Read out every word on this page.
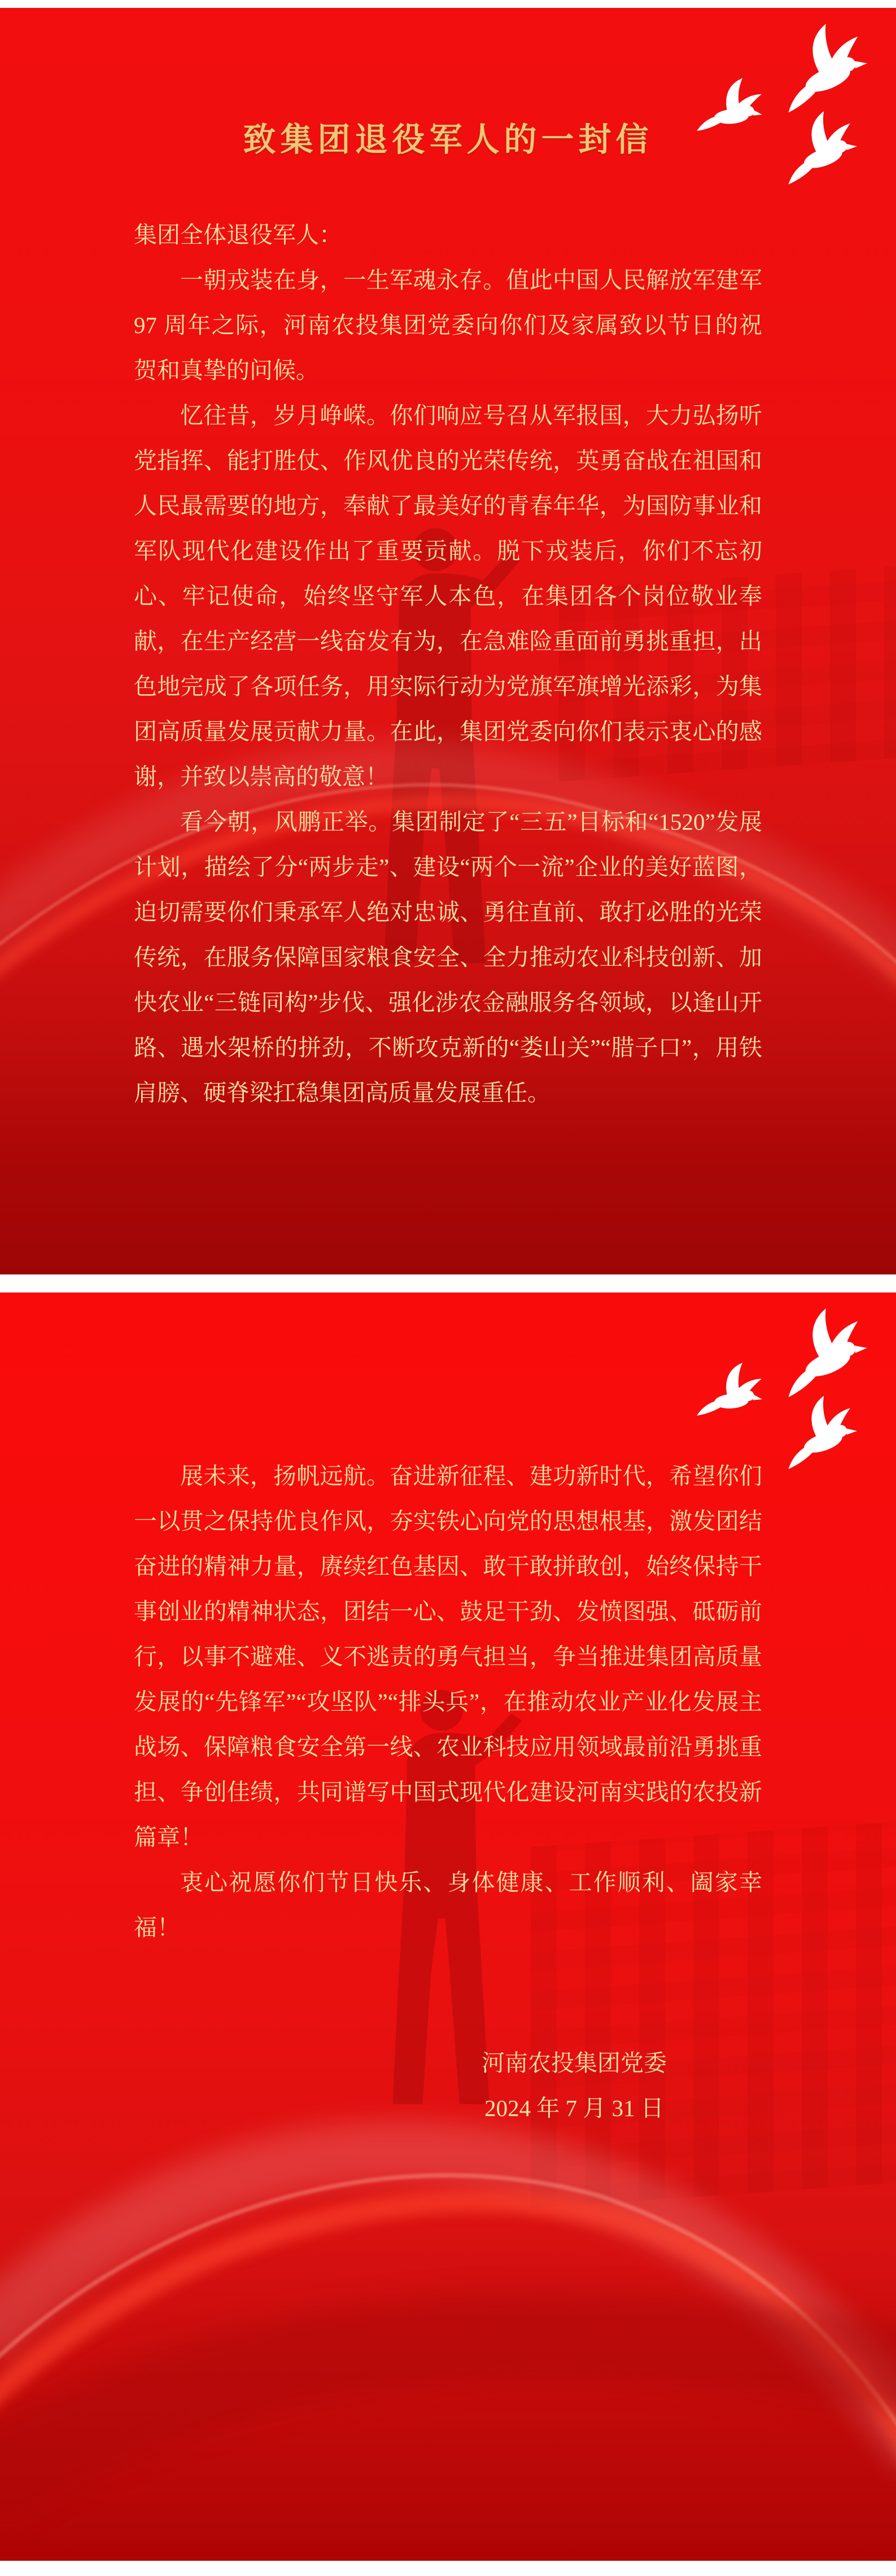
致集团退役军人的一封信

集团全体退役军人：

一朝戎装在身，一生军魂永存。值此中国人民解放军建军 97 周年之际，河南农投集团党委向你们及家属致以节日的祝贺和真挚的问候。

忆往昔，岁月峥嵘。你们响应号召从军报国，大力弘扬听党指挥、能打胜仗、作风优良的光荣传统，英勇奋战在祖国和人民最需要的地方，奉献了最美好的青春年华，为国防事业和军队现代化建设作出了重要贡献。脱下戎装后，你们不忘初心、牢记使命，始终坚守军人本色，在集团各个岗位敬业奉献，在生产经营一线奋发有为，在急难险重面前勇挑重担，出色地完成了各项任务，用实际行动为党旗军旗增光添彩，为集团高质量发展贡献力量。在此，集团党委向你们表示衷心的感谢，并致以崇高的敬意！

看今朝，风鹏正举。集团制定了“三五”目标和“1520”发展计划，描绘了分“两步走”、建设“两个一流”企业的美好蓝图，迫切需要你们秉承军人绝对忠诚、勇往直前、敢打必胜的光荣传统，在服务保障国家粮食安全、全力推动农业科技创新、加快农业“三链同构”步伐、强化涉农金融服务各领域，以逢山开路、遇水架桥的拼劲，不断攻克新的“娄山关”“腊子口”，用铁肩膀、硬脊梁扛稳集团高质量发展重任。

展未来，扬帆远航。奋进新征程、建功新时代，希望你们一以贯之保持优良作风，夯实铁心向党的思想根基，激发团结奋进的精神力量，赓续红色基因、敢干敢拼敢创，始终保持干事创业的精神状态，团结一心、鼓足干劲、发愤图强、砥砺前行，以事不避难、义不逃责的勇气担当，争当推进集团高质量发展的“先锋军”“攻坚队”“排头兵”，在推动农业产业化发展主战场、保障粮食安全第一线、农业科技应用领域最前沿勇挑重担、争创佳绩，共同谱写中国式现代化建设河南实践的农投新篇章！

衷心祝愿你们节日快乐、身体健康、工作顺利、阖家幸福！

河南农投集团党委
2024 年 7 月 31 日
